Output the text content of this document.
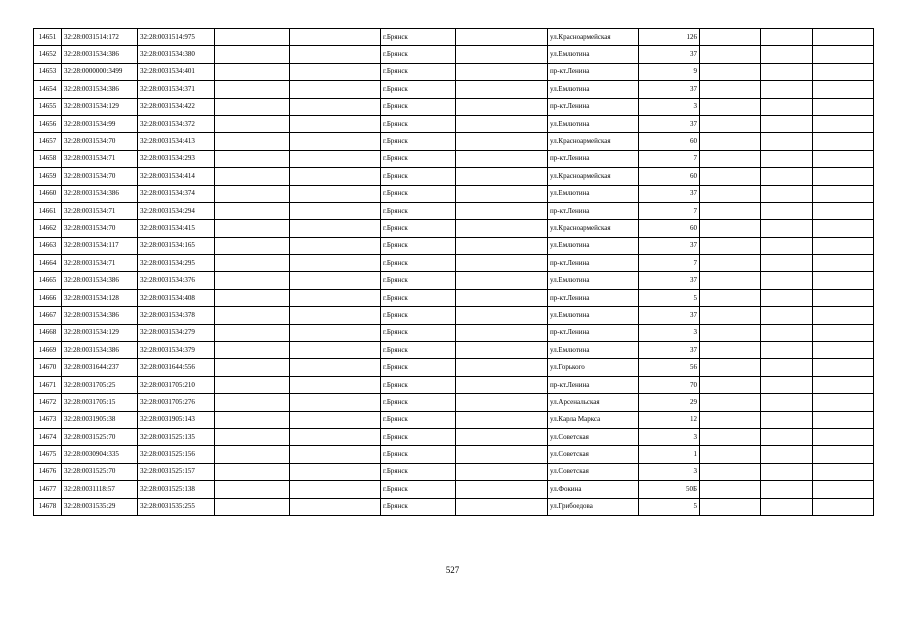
14651	32:28:0031514:172	32:28:0031514:975			г.Брянск		ул.Красноармейская	126			
14652	32:28:0031534:386	32:28:0031534:380			г.Брянск		ул.Емлютина	37			
14653	32:28:0000000:3499	32:28:0031534:401			г.Брянск		пр-кт.Ленина	9			
14654	32:28:0031534:386	32:28:0031534:371			г.Брянск		ул.Емлютина	37			
14655	32:28:0031534:129	32:28:0031534:422			г.Брянск		пр-кт.Ленина	3			
14656	32:28:0031534:99	32:28:0031534:372			г.Брянск		ул.Емлютина	37			
14657	32:28:0031534:70	32:28:0031534:413			г.Брянск		ул.Красноармейская	60			
14658	32:28:0031534:71	32:28:0031534:293			г.Брянск		пр-кт.Ленина	7			
14659	32:28:0031534:70	32:28:0031534:414			г.Брянск		ул.Красноармейская	60			
14660	32:28:0031534:386	32:28:0031534:374			г.Брянск		ул.Емлютина	37			
14661	32:28:0031534:71	32:28:0031534:294			г.Брянск		пр-кт.Ленина	7			
14662	32:28:0031534:70	32:28:0031534:415			г.Брянск		ул.Красноармейская	60			
14663	32:28:0031534:117	32:28:0031534:165			г.Брянск		ул.Емлютина	37			
14664	32:28:0031534:71	32:28:0031534:295			г.Брянск		пр-кт.Ленина	7			
14665	32:28:0031534:386	32:28:0031534:376			г.Брянск		ул.Емлютина	37			
14666	32:28:0031534:128	32:28:0031534:408			г.Брянск		пр-кт.Ленина	5			
14667	32:28:0031534:386	32:28:0031534:378			г.Брянск		ул.Емлютина	37			
14668	32:28:0031534:129	32:28:0031534:279			г.Брянск		пр-кт.Ленина	3			
14669	32:28:0031534:386	32:28:0031534:379			г.Брянск		ул.Емлютина	37			
14670	32:28:0031644:237	32:28:0031644:556			г.Брянск		ул.Горького	56			
14671	32:28:0031705:25	32:28:0031705:210			г.Брянск		пр-кт.Ленина	70			
14672	32:28:0031705:15	32:28:0031705:276			г.Брянск		ул.Арсенальская	29			
14673	32:28:0031905:38	32:28:0031905:143			г.Брянск		ул.Карла Маркса	12			
14674	32:28:0031525:70	32:28:0031525:135			г.Брянск		ул.Советская	3			
14675	32:28:0030904:335	32:28:0031525:156			г.Брянск		ул.Советская	1			
14676	32:28:0031525:70	32:28:0031525:157			г.Брянск		ул.Советская	3			
14677	32:28:0031118:57	32:28:0031525:138			г.Брянск		ул.Фокина	50Б			
14678	32:28:0031535:29	32:28:0031535:255			г.Брянск		ул.Грибоедова	5			
527
